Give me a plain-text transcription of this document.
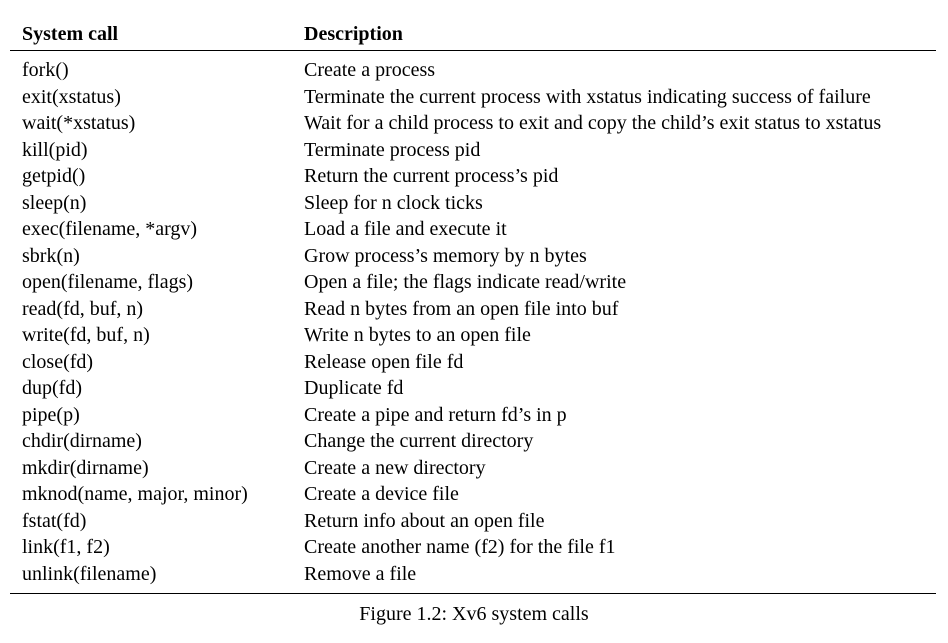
System call	Description
fork()	Create a process
exit(xstatus)	Terminate the current process with xstatus indicating success of failure
wait(*xstatus)	Wait for a child process to exit and copy the child’s exit status to xstatus
kill(pid)	Terminate process pid
getpid()	Return the current process’s pid
sleep(n)	Sleep for n clock ticks
exec(filename, *argv)	Load a file and execute it
sbrk(n)	Grow process’s memory by n bytes
open(filename, flags)	Open a file; the flags indicate read/write
read(fd, buf, n)	Read n bytes from an open file into buf
write(fd, buf, n)	Write n bytes to an open file
close(fd)	Release open file fd
dup(fd)	Duplicate fd
pipe(p)	Create a pipe and return fd’s in p
chdir(dirname)	Change the current directory
mkdir(dirname)	Create a new directory
mknod(name, major, minor)	Create a device file
fstat(fd)	Return info about an open file
link(f1, f2)	Create another name (f2) for the file f1
unlink(filename)	Remove a file
Figure 1.2: Xv6 system calls
